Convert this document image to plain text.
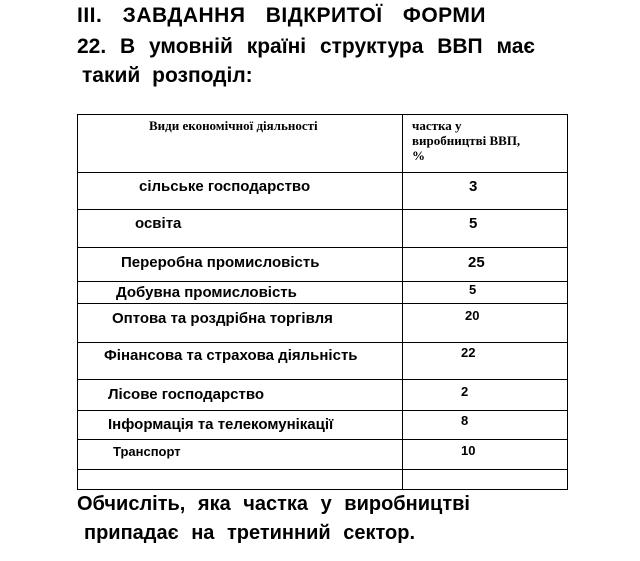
III. ЗАВДАННЯ ВІДКРИТОЇ ФОРМИ
22. В умовній країні структура ВВП має
такий розподіл:
Види економічної діяльності	частка у
виробництві ВВП,
%
сільське господарство	3
освіта	5
Переробна промисловість	25
Добувна промисловість	5
Оптова та роздрібна торгівля	20
Фінансова та страхова діяльність	22
Лісове господарство	2
Інформація та телекомунікації	8
Транспорт	10
Обчисліть, яка частка у виробництві
припадає на третинний сектор.
